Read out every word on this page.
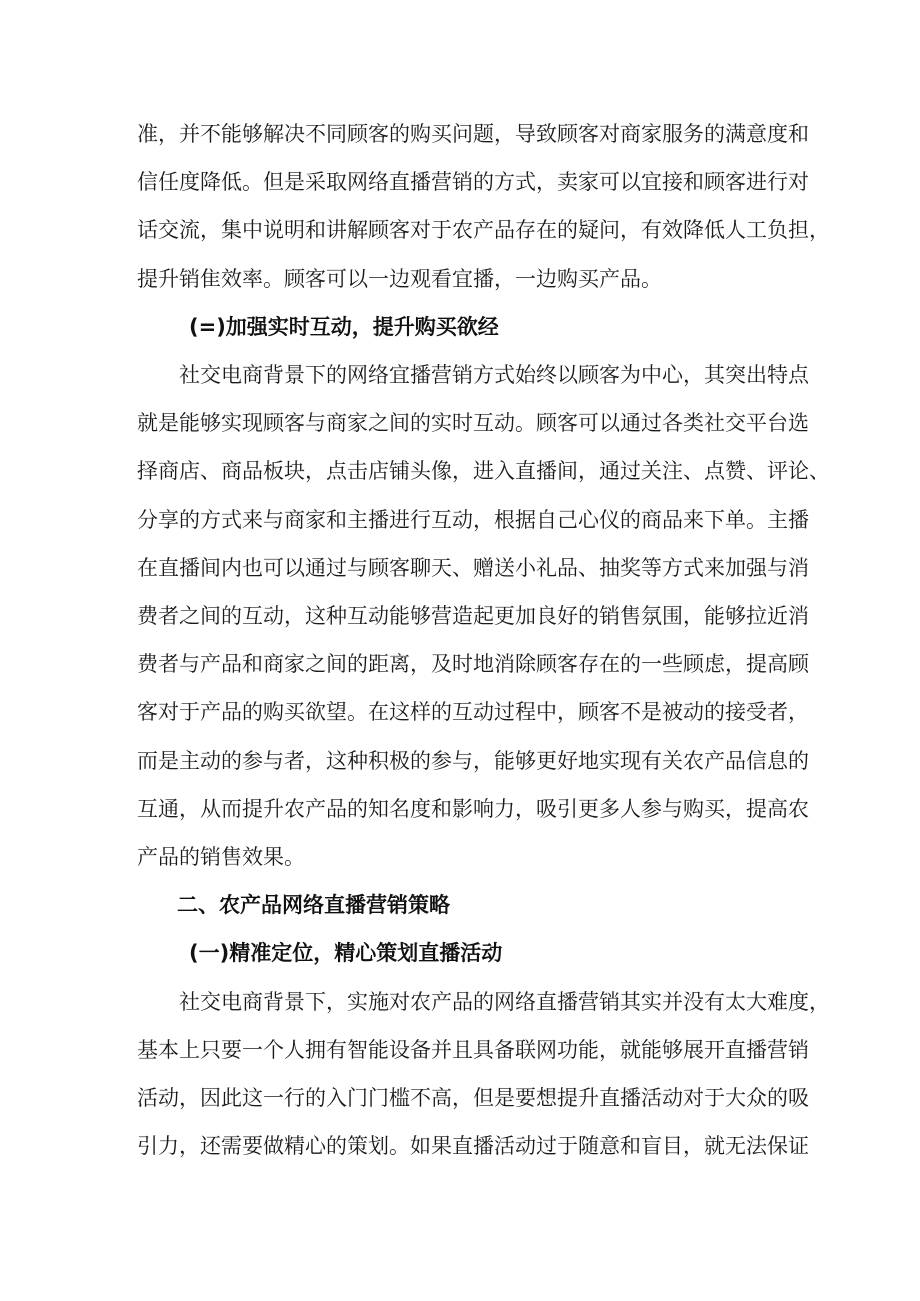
准，并不能够解决不同顾客的购买问题，导致顾客对商家服务的满意度和
信任度降低。但是采取网络直播营销的方式，卖家可以宜接和顾客进行对
话交流，集中说明和讲解顾客对于农产品存在的疑问，有效降低人工负担，
提升销隹效率。顾客可以一边观看宜播，一边购买产品。

(=)加强实时互动，提升购买欲经

社交电商背景下的网络宜播营销方式始终以顾客为中心，其突出特点
就是能够实现顾客与商家之间的实时互动。顾客可以通过各类社交平台选
择商店、商品板块，点击店铺头像，进入直播间，通过关注、点赞、评论、
分享的方式来与商家和主播进行互动，根据自己心仪的商品来下单。主播
在直播间内也可以通过与顾客聊天、赠送小礼品、抽奖等方式来加强与消
费者之间的互动，这种互动能够营造起更加良好的销售氛围，能够拉近消
费者与产品和商家之间的距离，及时地消除顾客存在的一些顾虑，提高顾
客对于产品的购买欲望。在这样的互动过程中，顾客不是被动的接受者，
而是主动的参与者，这种积极的参与，能够更好地实现有关农产品信息的
互通，从而提升农产品的知名度和影响力，吸引更多人参与购买，提高农
产品的销售效果。

二、农产品网络直播营销策略
(一)精准定位，精心策划直播活动

社交电商背景下，实施对农产品的网络直播营销其实并没有太大难度，
基本上只要一个人拥有智能设备并且具备联网功能，就能够展开直播营销
活动，因此这一行的入门门槛不高，但是要想提升直播活动对于大众的吸
引力，还需要做精心的策划。如果直播活动过于随意和盲目，就无法保证
